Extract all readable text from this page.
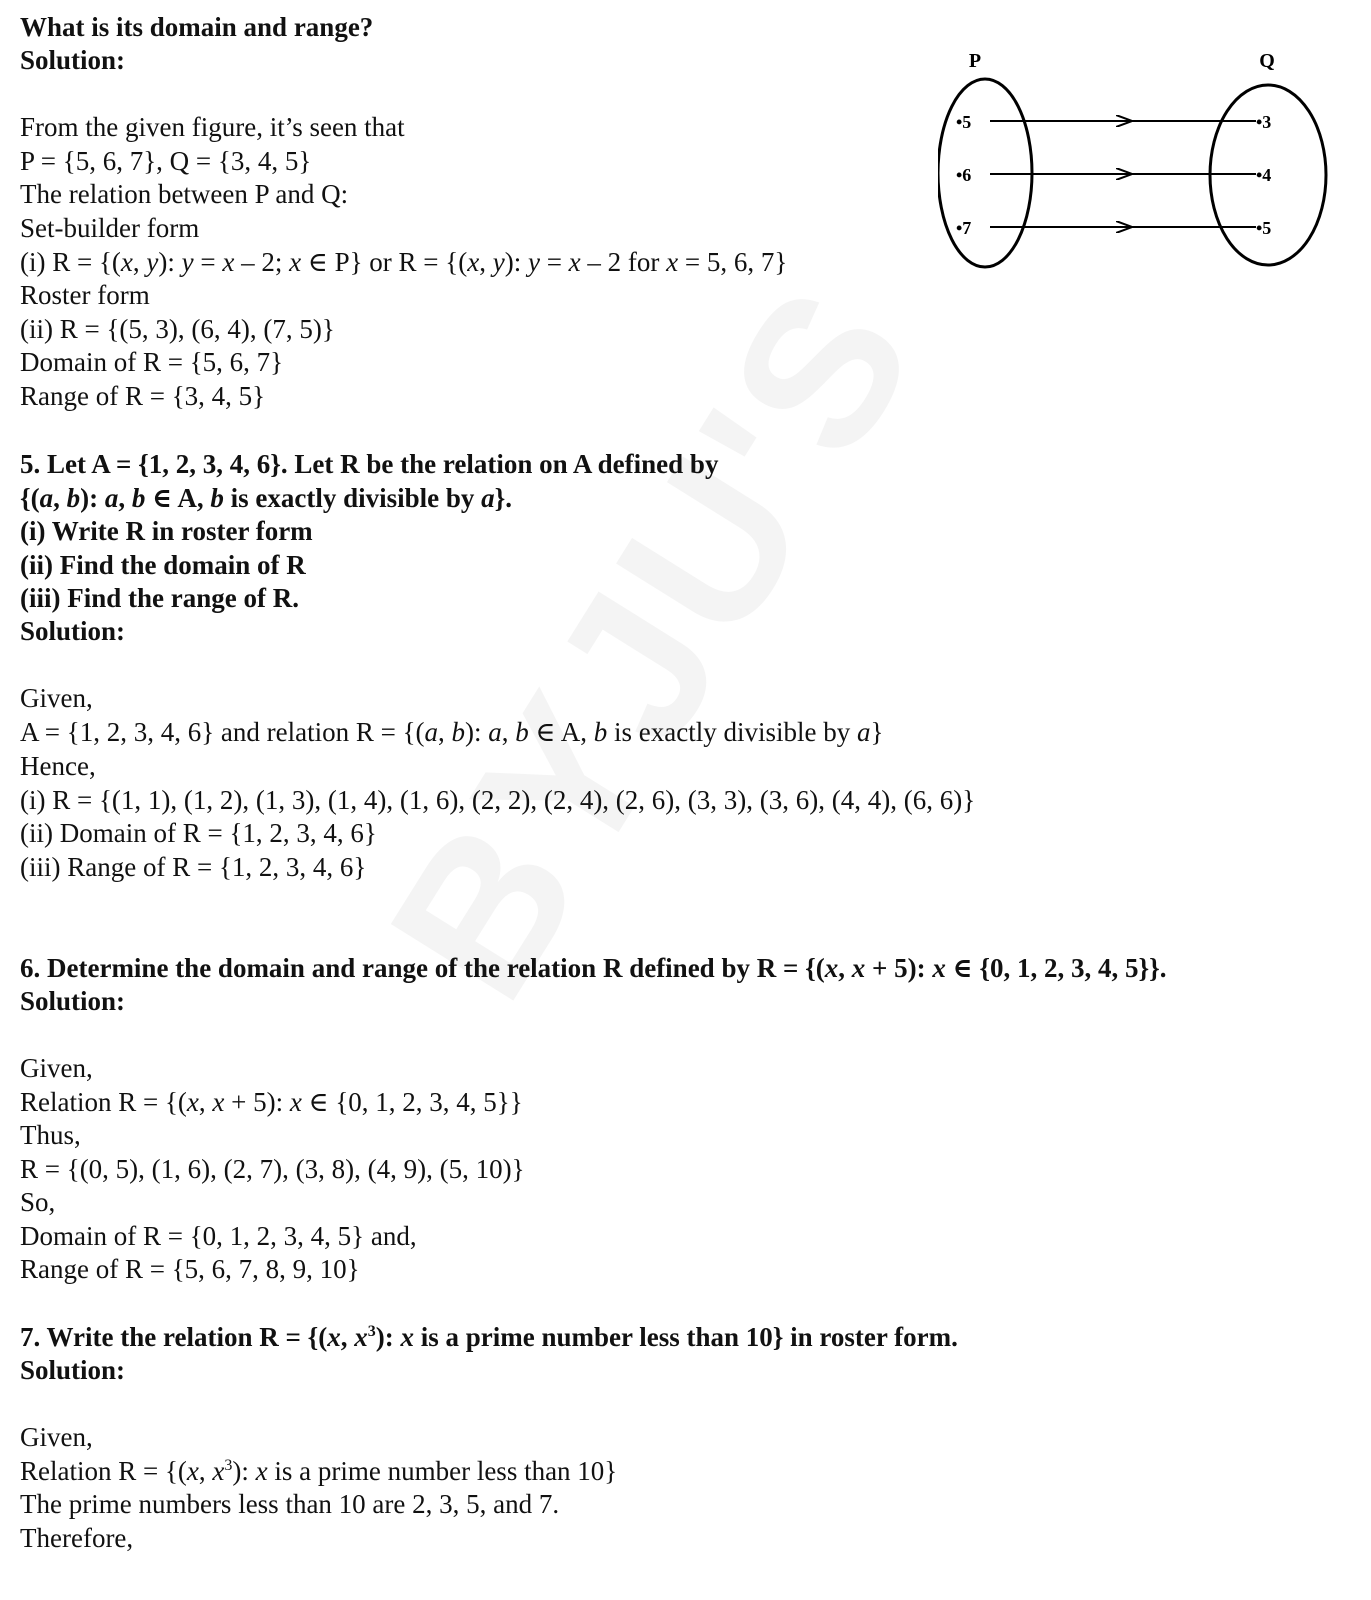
What is its domain and range?
Solution:
From the given figure, it’s seen that
P = {5, 6, 7}, Q = {3, 4, 5}
The relation between P and Q:
Set-builder form
(i) R = {(x, y): y = x – 2; x ∈ P} or R = {(x, y): y = x – 2 for x = 5, 6, 7}
Roster form
(ii) R = {(5, 3), (6, 4), (7, 5)}
Domain of R = {5, 6, 7}
Range of R = {3, 4, 5}
P	Q
•5
•6
•7
•3
•4
•5
5. Let A = {1, 2, 3, 4, 6}. Let R be the relation on A defined by
{(a, b): a, b ∈ A, b is exactly divisible by a}.
(i) Write R in roster form
(ii) Find the domain of R
(iii) Find the range of R.
Solution:
Given,
A = {1, 2, 3, 4, 6} and relation R = {(a, b): a, b ∈ A, b is exactly divisible by a}
Hence,
(i) R = {(1, 1), (1, 2), (1, 3), (1, 4), (1, 6), (2, 2), (2, 4), (2, 6), (3, 3), (3, 6), (4, 4), (6, 6)}
(ii) Domain of R = {1, 2, 3, 4, 6}
(iii) Range of R = {1, 2, 3, 4, 6}
6. Determine the domain and range of the relation R defined by R = {(x, x + 5): x ∈ {0, 1, 2, 3, 4, 5}}.
Solution:
Given,
Relation R = {(x, x + 5): x ∈ {0, 1, 2, 3, 4, 5}}
Thus,
R = {(0, 5), (1, 6), (2, 7), (3, 8), (4, 9), (5, 10)}
So,
Domain of R = {0, 1, 2, 3, 4, 5} and,
Range of R = {5, 6, 7, 8, 9, 10}
7. Write the relation R = {(x, $x^3$): x is a prime number less than 10} in roster form.
Solution:
Given,
Relation R = {(x, $x^3$): x is a prime number less than 10}
The prime numbers less than 10 are 2, 3, 5, and 7.
Therefore,
